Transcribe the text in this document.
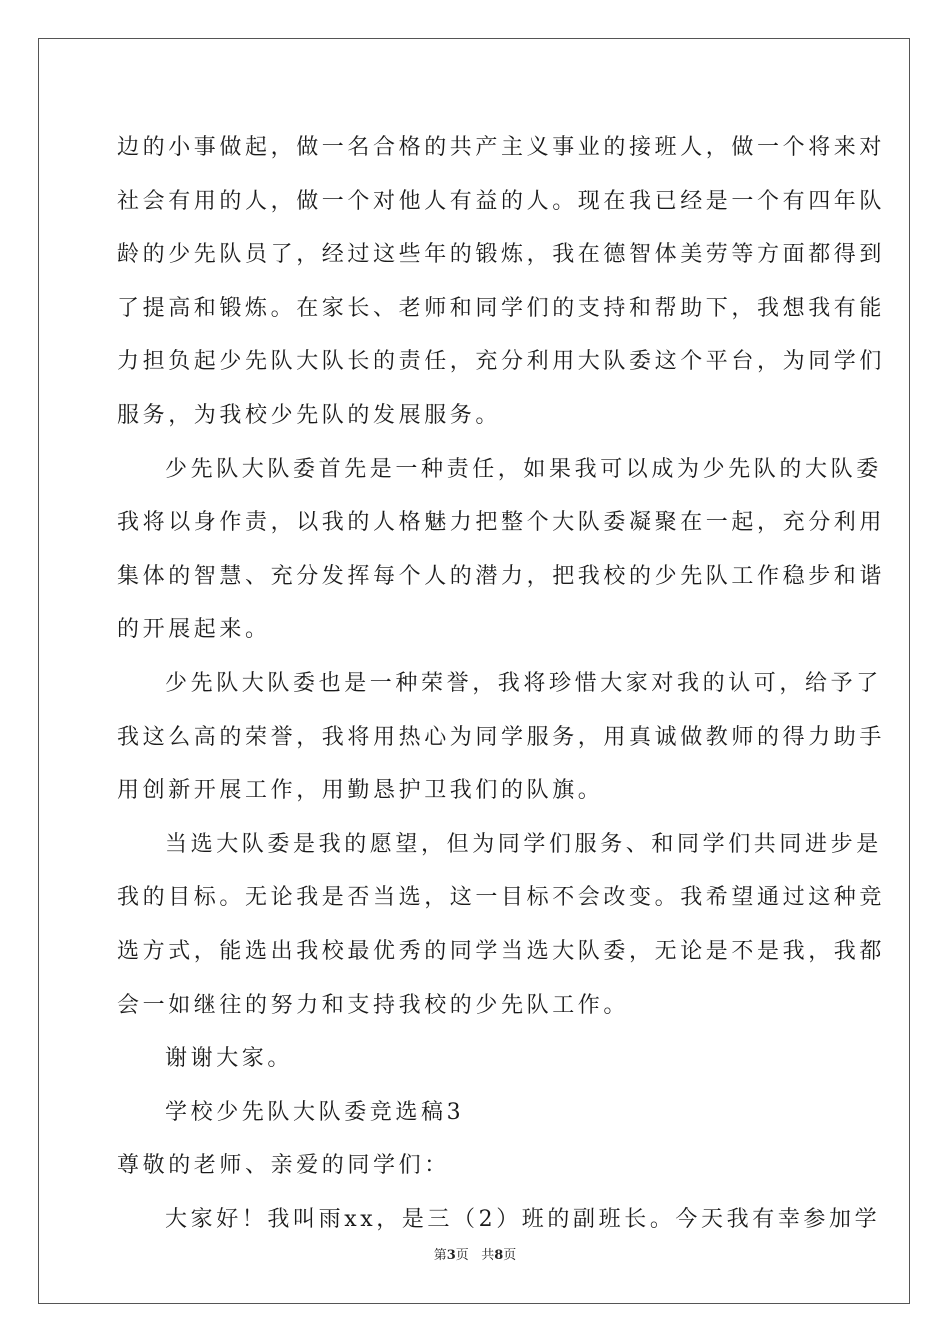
边的小事做起，做一名合格的共产主义事业的接班人，做一个将来对
社会有用的人，做一个对他人有益的人。现在我已经是一个有四年队
龄的少先队员了，经过这些年的锻炼，我在德智体美劳等方面都得到
了提高和锻炼。在家长、老师和同学们的支持和帮助下，我想我有能
力担负起少先队大队长的责任，充分利用大队委这个平台，为同学们
服务，为我校少先队的发展服务。
少先队大队委首先是一种责任，如果我可以成为少先队的大队委
我将以身作责，以我的人格魅力把整个大队委凝聚在一起，充分利用
集体的智慧、充分发挥每个人的潜力，把我校的少先队工作稳步和谐
的开展起来。
少先队大队委也是一种荣誉，我将珍惜大家对我的认可，给予了
我这么高的荣誉，我将用热心为同学服务，用真诚做教师的得力助手
用创新开展工作，用勤恳护卫我们的队旗。
当选大队委是我的愿望，但为同学们服务、和同学们共同进步是
我的目标。无论我是否当选，这一目标不会改变。我希望通过这种竞
选方式，能选出我校最优秀的同学当选大队委，无论是不是我，我都
会一如继往的努力和支持我校的少先队工作。
谢谢大家。
学校少先队大队委竞选稿3
尊敬的老师、亲爱的同学们：
大家好！我叫雨xx，是三（2）班的副班长。今天我有幸参加学
第3页 共8页
